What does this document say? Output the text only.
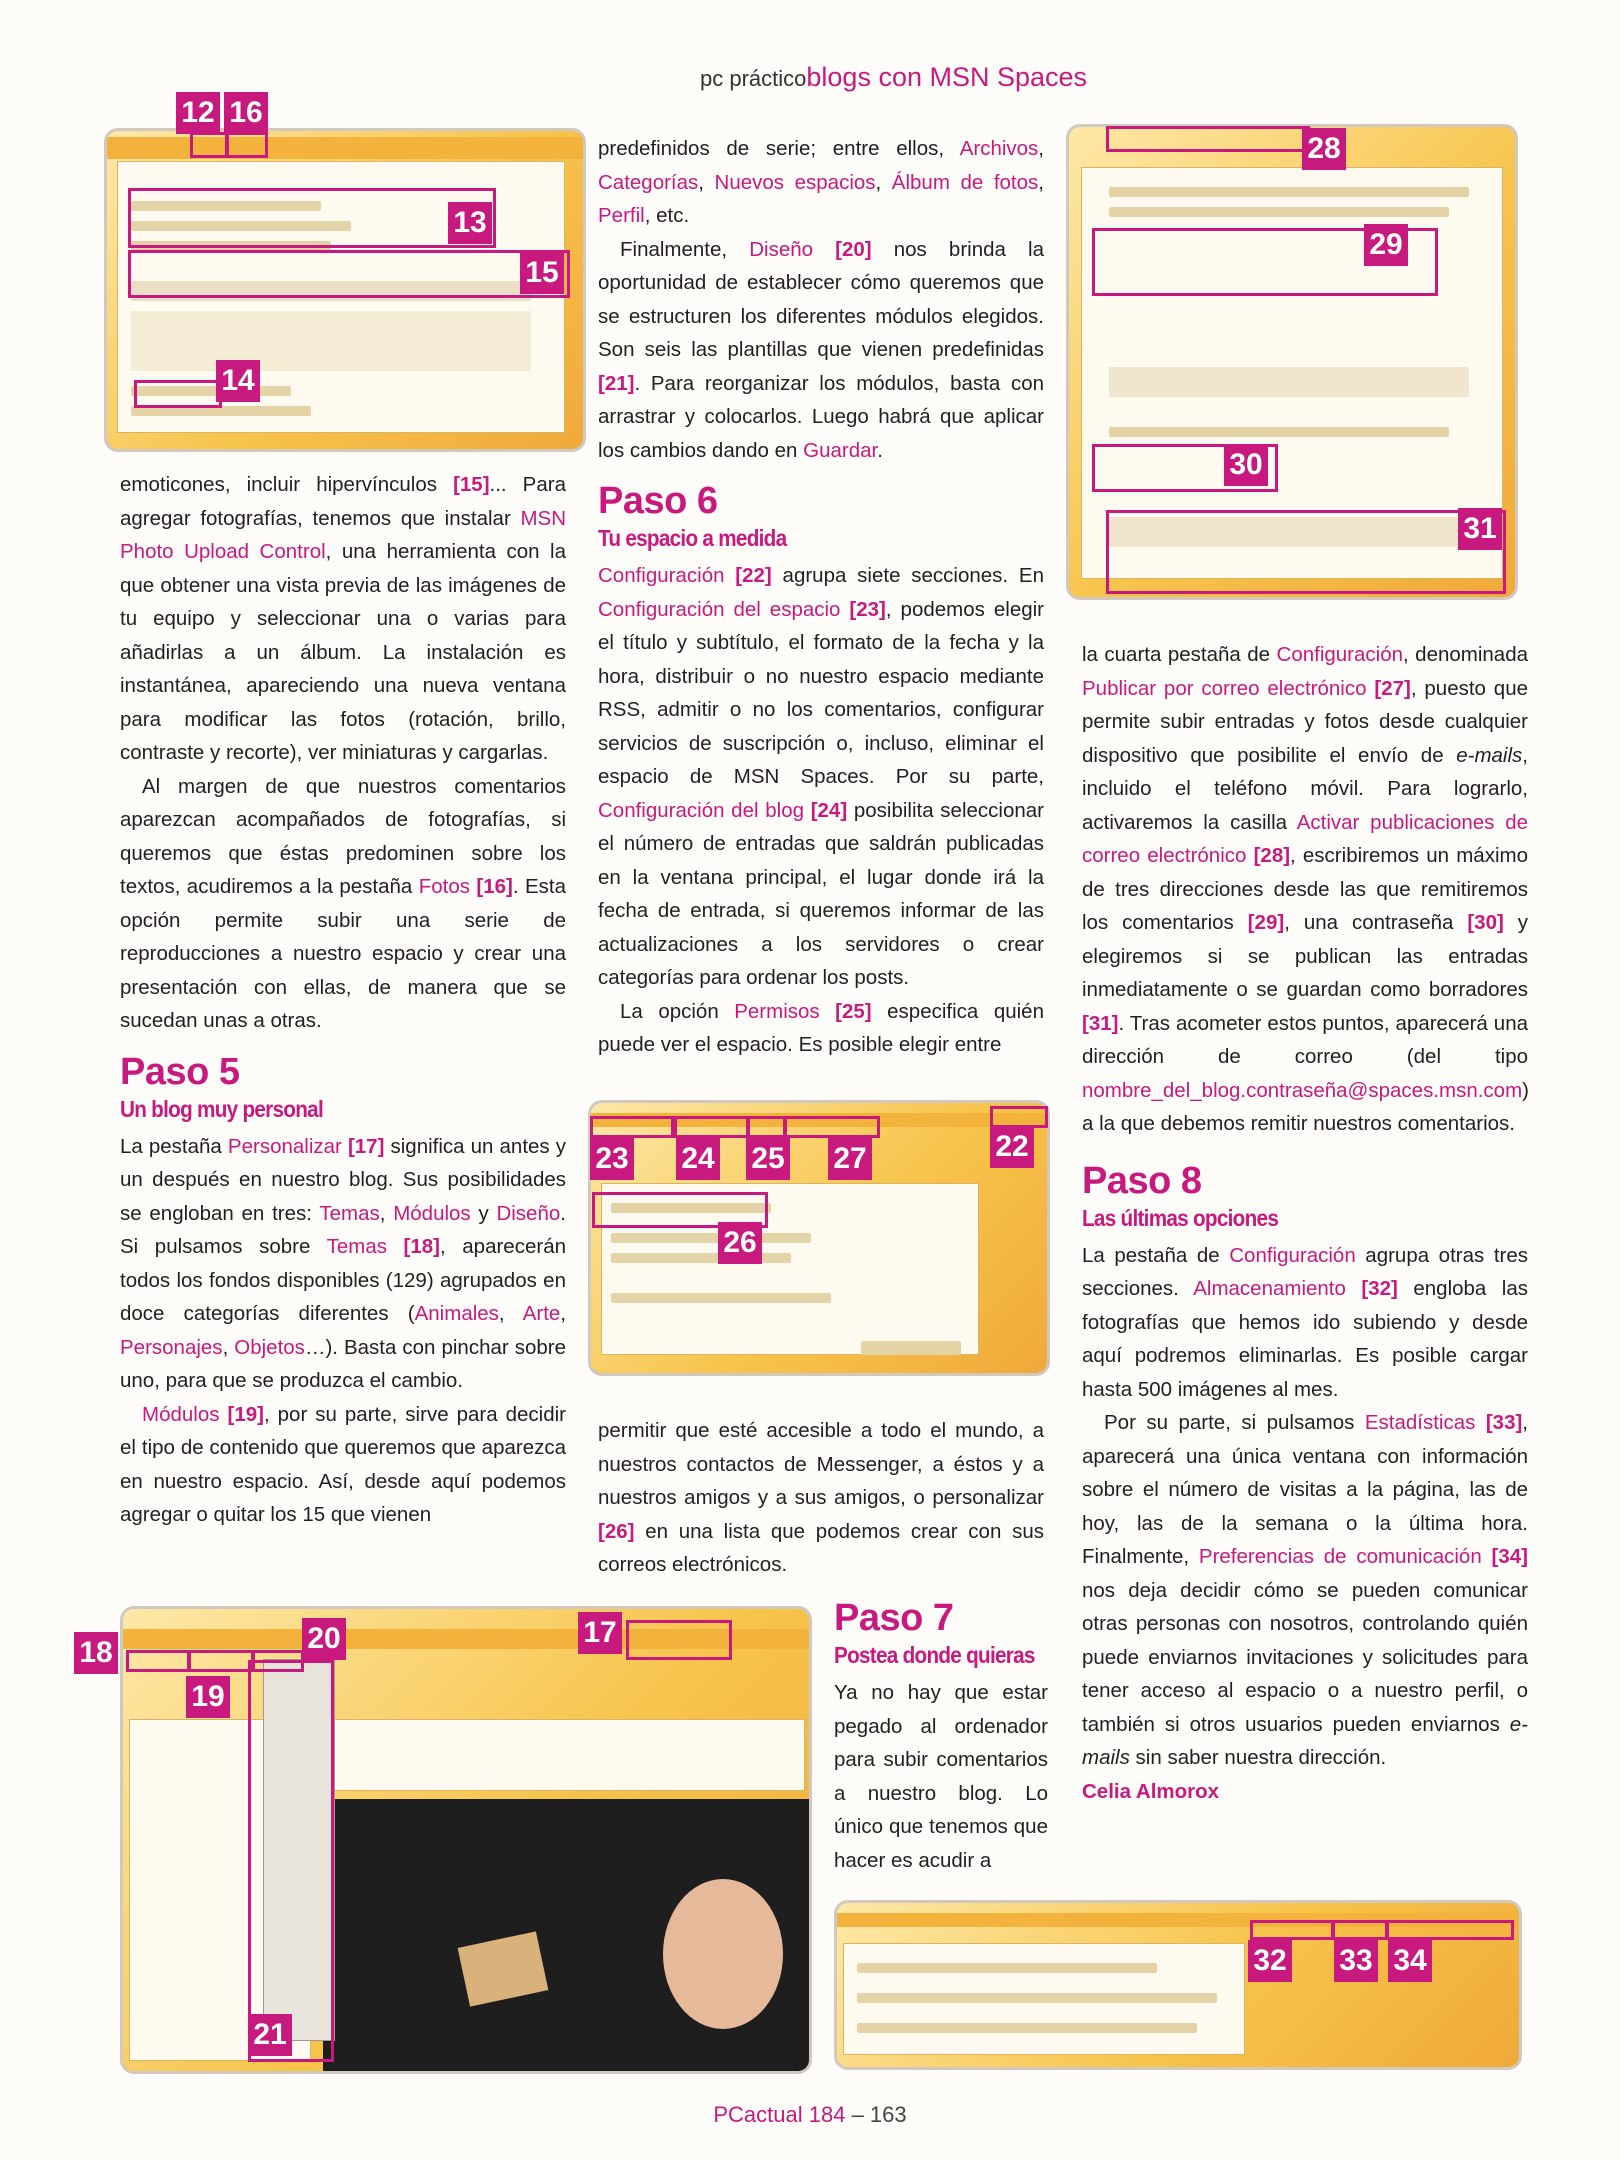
pc prácticoblogs con MSN Spaces
12 16
13
15
14
28
29
30
31
23 24 25 27	22
26
17
18
19
20
21
32 33 34

emoticones, incluir hipervínculos [15]... Para agregar fotografías, tenemos que instalar MSN Photo Upload Control, una herramienta con la que obtener una vista previa de las imágenes de tu equipo y seleccionar una o varias para añadirlas a un álbum. La instalación es instantánea, apareciendo una nueva ventana para modificar las fotos (rotación, brillo, contraste y recorte), ver miniaturas y cargarlas.

Al margen de que nuestros comentarios aparezcan acompañados de fotografías, si queremos que éstas predominen sobre los textos, acudiremos a la pestaña Fotos [16]. Esta opción permite subir una serie de reproducciones a nuestro espacio y crear una presentación con ellas, de manera que se sucedan unas a otras.

Paso 5
Un blog muy personal

La pestaña Personalizar [17] significa un antes y un después en nuestro blog. Sus posibilidades se engloban en tres: Temas, Módulos y Diseño. Si pulsamos sobre Temas [18], aparecerán todos los fondos disponibles (129) agrupados en doce categorías diferentes (Animales, Arte, Personajes, Objetos…). Basta con pinchar sobre uno, para que se produzca el cambio.

Módulos [19], por su parte, sirve para decidir el tipo de contenido que queremos que aparezca en nuestro espacio. Así, desde aquí podemos agregar o quitar los 15 que vienen

predefinidos de serie; entre ellos, Archivos, Categorías, Nuevos espacios, Álbum de fotos, Perfil, etc.

Finalmente, Diseño [20] nos brinda la oportunidad de establecer cómo queremos que se estructuren los diferentes módulos elegidos. Son seis las plantillas que vienen predefinidas [21]. Para reorganizar los módulos, basta con arrastrar y colocarlos. Luego habrá que aplicar los cambios dando en Guardar.

Paso 6
Tu espacio a medida

Configuración [22] agrupa siete secciones. En Configuración del espacio [23], podemos elegir el título y subtítulo, el formato de la fecha y la hora, distribuir o no nuestro espacio mediante RSS, admitir o no los comentarios, configurar servicios de suscripción o, incluso, eliminar el espacio de MSN Spaces. Por su parte, Configuración del blog [24] posibilita seleccionar el número de entradas que saldrán publicadas en la ventana principal, el lugar donde irá la fecha de entrada, si queremos informar de las actualizaciones a los servidores o crear categorías para ordenar los posts.

La opción Permisos [25] especifica quién puede ver el espacio. Es posible elegir entre

permitir que esté accesible a todo el mundo, a nuestros contactos de Messenger, a éstos y a nuestros amigos y a sus amigos, o personalizar [26] en una lista que podemos crear con sus correos electrónicos.

Paso 7
Postea donde quieras

Ya no hay que estar pegado al ordenador para subir comentarios a nuestro blog. Lo único que tenemos que hacer es acudir a

la cuarta pestaña de Configuración, denominada Publicar por correo electrónico [27], puesto que permite subir entradas y fotos desde cualquier dispositivo que posibilite el envío de e-mails, incluido el teléfono móvil. Para lograrlo, activaremos la casilla Activar publicaciones de correo electrónico [28], escribiremos un máximo de tres direcciones desde las que remitiremos los comentarios [29], una contraseña [30] y elegiremos si se publican las entradas inmediatamente o se guardan como borradores [31]. Tras acometer estos puntos, aparecerá una dirección de correo (del tipo nombre_del_blog.contraseña@spaces.msn.com) a la que debemos remitir nuestros comentarios.

Paso 8
Las últimas opciones

La pestaña de Configuración agrupa otras tres secciones. Almacenamiento [32] engloba las fotografías que hemos ido subiendo y desde aquí podremos eliminarlas. Es posible cargar hasta 500 imágenes al mes.

Por su parte, si pulsamos Estadísticas [33], aparecerá una única ventana con información sobre el número de visitas a la página, las de hoy, las de la semana o la última hora. Finalmente, Preferencias de comunicación [34] nos deja decidir cómo se pueden comunicar otras personas con nosotros, controlando quién puede enviarnos invitaciones y solicitudes para tener acceso al espacio o a nuestro perfil, o también si otros usuarios pueden enviarnos e-mails sin saber nuestra dirección.

Celia Almorox

PCactual 184 – 163
